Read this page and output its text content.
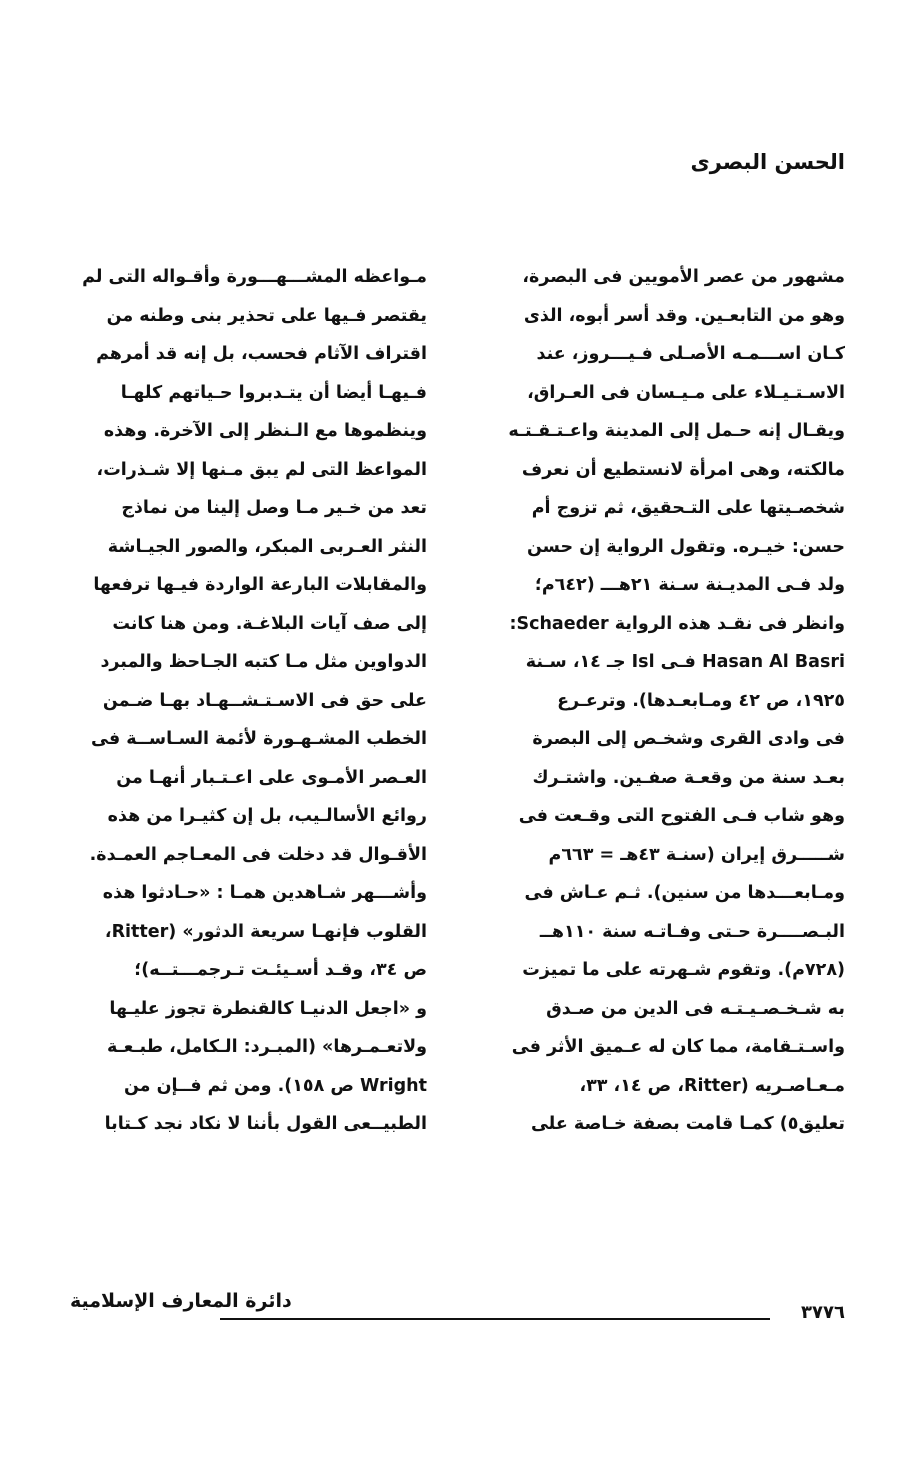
الحسن البصرى
مشهور من عصر الأمويين فى البصرة،
وهو من التابعـين. وقد أسر أبوه، الذى
كـان اســـمـه الأصـلى فـيـــروز، عند
الاسـتـيـلاء على مـيـسان فى العـراق،
ويقـال إنه حـمل إلى المدينة واعـتـقـتـه
مالكته، وهى امرأة لانستطيع أن نعرف
شخصـيتها على التـحقيق، ثم تزوج أم
حسن: خيـره. وتقول الرواية إن حسن
ولد فـى المديـنة سـنة ٢١هـــ (٦٤٢م؛
وانظر فى نقـد هذه الرواية Schaeder:
Hasan Al Basri فـى Isl جـ ١٤، سـنة
١٩٢٥، ص ٤٢ ومـابعـدها). وترعـرع
فى وادى القرى وشخـص إلى البصرة
بعـد سنة من وقعـة صفـين. واشتـرك
وهو شاب فـى الفتوح التى وقـعت فى
شـــــرق إيران (سنـة ٤٣هـ = ٦٦٣م
ومـابعـــدها من سنين). ثـم عـاش فى
البـصــــرة حـتى وفـاتـه سنة ١١٠هــ
(٧٢٨م). وتقوم شـهرته على ما تميزت
به شـخـصـيـتـه فى الدين من صـدق
واسـتـقامة، مما كان له عـميق الأثر فى
مـعـاصـريه (Ritter، ص ١٤، ٣٣،
تعليق٥) كمـا قامت بصفة خـاصة على
مـواعظه المشـــهـــورة وأقـواله التى لم
يقتصر فـيها على تحذير بنى وطنه من
اقتراف الآثام فحسب، بل إنه قد أمرهم
فـيهـا أيضا أن يتـدبروا حـياتهم كلهـا
وينظموها مع الـنظر إلى الآخرة. وهذه
المواعظ التى لم يبق مـنها إلا شـذرات،
تعد من خـير مـا وصل إلينا من نماذج
النثر العـربى المبكر، والصور الجيـاشة
والمقابلات البارعة الواردة فيـها ترفعها
إلى صف آيات البلاغـة. ومن هنا كانت
الدواوين مثل مـا كتبه الجـاحظ والمبرد
على حق فى الاسـتـشــهـاد بهـا ضـمن
الخطب المشـهـورة لأئمة السـاســة فى
العـصر الأمـوى على اعـتـبار أنهـا من
روائع الأسالـيب، بل إن كثيـرا من هذه
الأقـوال قد دخلت فى المعـاجم العمـدة.
وأشـــهر شـاهدين همـا : «حـادثوا هذه
القلوب فإنهـا سريعة الدثور» (Ritter،
ص ٣٤، وقـد أسـيئـت تـرجمـــتــه)؛
و «اجعل الدنيـا كالقنطرة تجوز عليـها
ولاتعـمـرها» (المبـرد: الـكامل، طبـعـة
Wright ص ١٥٨). ومن ثم فــإن من
الطبيــعى القول بأننا لا نكاد نجد كـتابا
٣٧٧٦
دائرة المعارف الإسلامية
